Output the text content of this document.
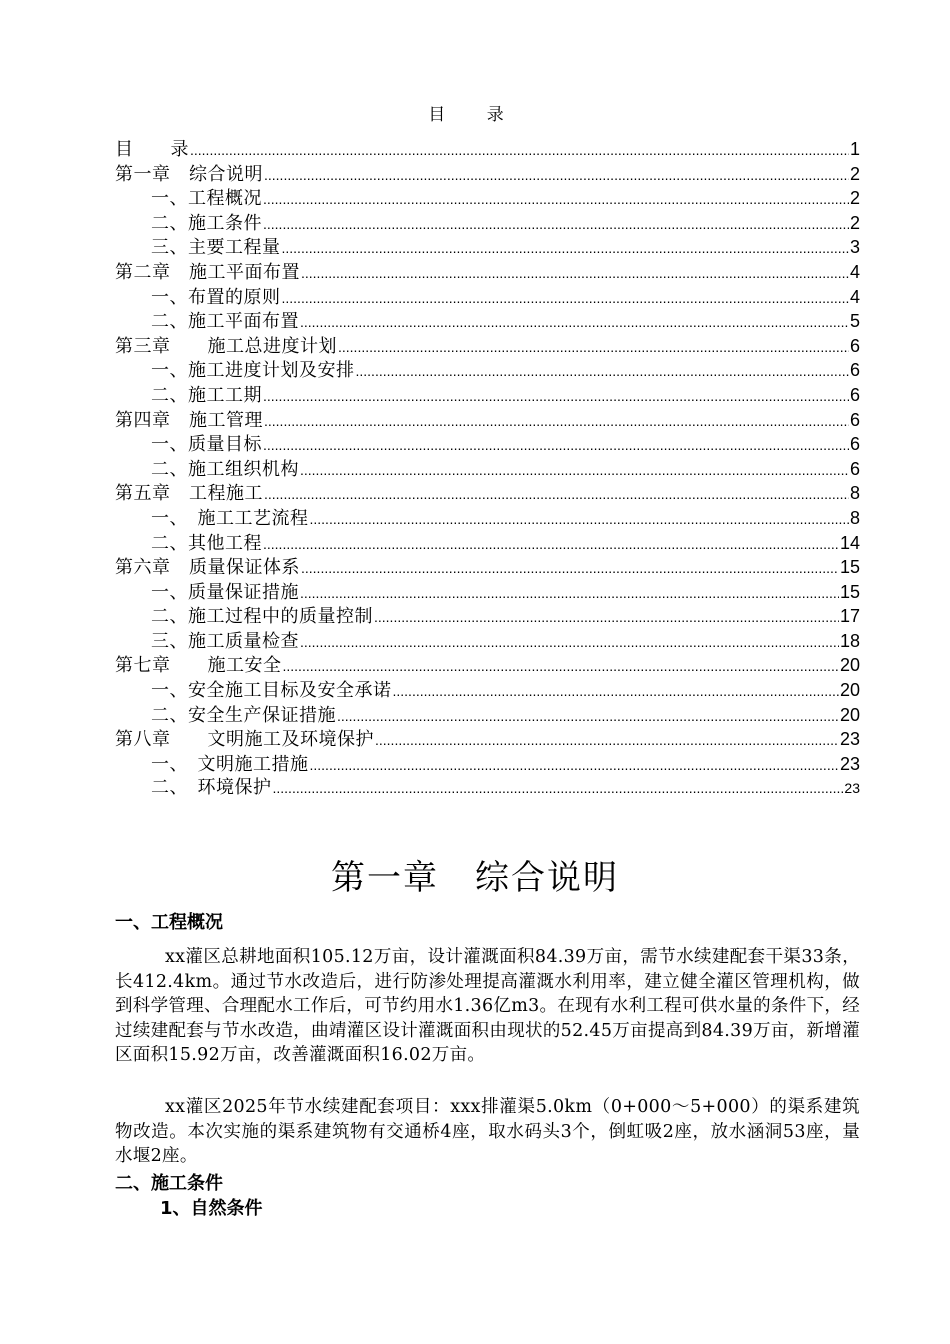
目 录
目　　录 .....	1
第一章　综合说明 .....	2
一、工程概况 .....	2
二、施工条件 .....	2
三、主要工程量 .....	3
第二章　施工平面布置 .....	4
一、布置的原则 .....	4
二、施工平面布置 .....	5
第三章　　施工总进度计划 .....	6
一、施工进度计划及安排 .....	6
二、施工工期 .....	6
第四章　施工管理 .....	6
一、质量目标 .....	6
二、施工组织机构 .....	6
第五章　工程施工 .....	8
一、　施工工艺流程 .....	8
二、其他工程 .....	14
第六章　质量保证体系 .....	15
一、质量保证措施 .....	15
二、施工过程中的质量控制 .....	17
三、施工质量检查 .....	18
第七章　　施工安全 .....	20
一、安全施工目标及安全承诺 .....	20
二、安全生产保证措施 .....	20
第八章　　文明施工及环境保护 .....	23
一、　文明施工措施 .....	23
二、　环境保护 .....	23
第一章　综合说明
一、工程概况
xx灌区总耕地面积105.12万亩，设计灌溉面积84.39万亩，需节水续建配套干渠33条，长412.4km。通过节水改造后，进行防渗处理提高灌溉水利用率，建立健全灌区管理机构，做到科学管理、合理配水工作后，可节约用水1.36亿m3。在现有水利工程可供水量的条件下，经过续建配套与节水改造，曲靖灌区设计灌溉面积由现状的52.45万亩提高到84.39万亩，新增灌区面积15.92万亩，改善灌溉面积16.02万亩。
xx灌区2025年节水续建配套项目：xxx排灌渠5.0km（0+000～5+000）的渠系建筑物改造。本次实施的渠系建筑物有交通桥4座，取水码头3个，倒虹吸2座，放水涵洞53座，量水堰2座。
二、施工条件
1、自然条件
